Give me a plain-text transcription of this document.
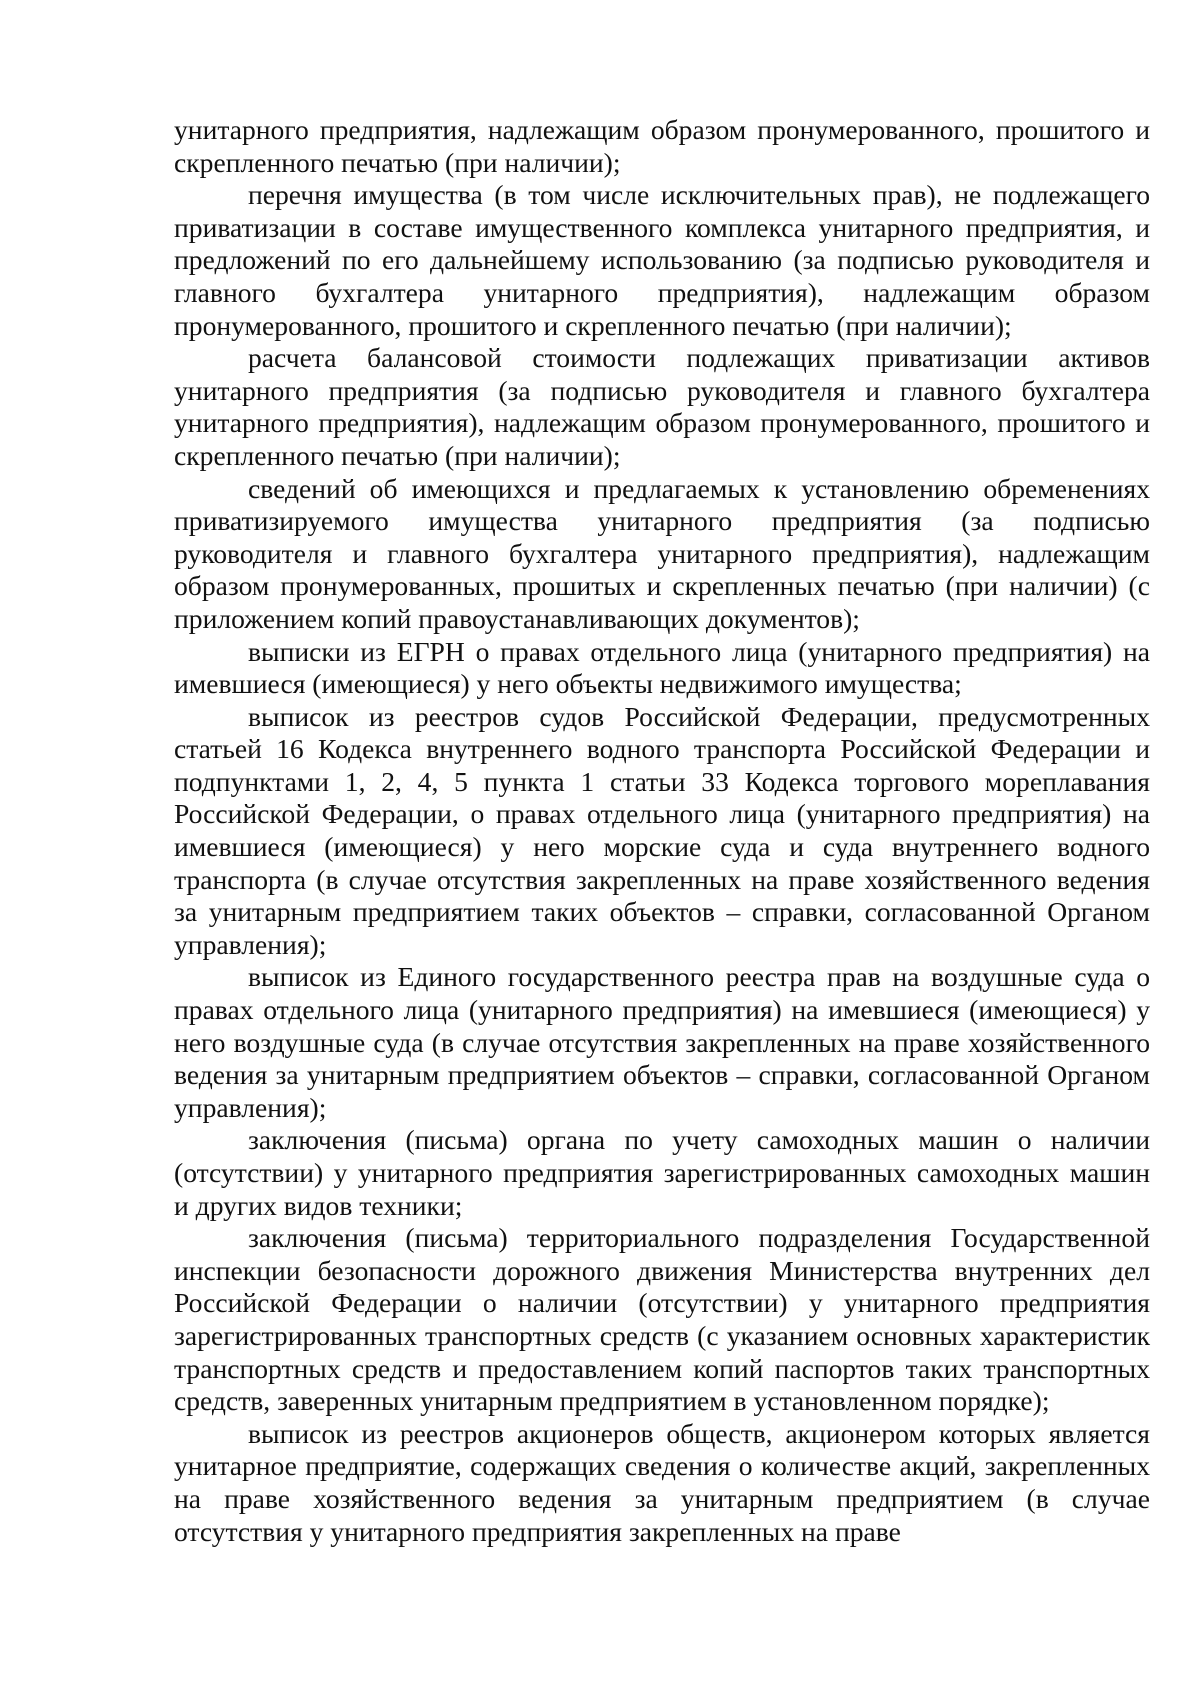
унитарного предприятия, надлежащим образом пронумерованного, прошитого и скрепленного печатью (при наличии);

перечня имущества (в том числе исключительных прав), не подлежащего приватизации в составе имущественного комплекса унитарного предприятия, и предложений по его дальнейшему использованию (за подписью руководителя и главного бухгалтера унитарного предприятия), надлежащим образом пронумерованного, прошитого и скрепленного печатью (при наличии);

расчета балансовой стоимости подлежащих приватизации активов унитарного предприятия (за подписью руководителя и главного бухгалтера унитарного предприятия), надлежащим образом пронумерованного, прошитого и скрепленного печатью (при наличии);

сведений об имеющихся и предлагаемых к установлению обременениях приватизируемого имущества унитарного предприятия (за подписью руководителя и главного бухгалтера унитарного предприятия), надлежащим образом пронумерованных, прошитых и скрепленных печатью (при наличии) (с приложением копий правоустанавливающих документов);

выписки из ЕГРН о правах отдельного лица (унитарного предприятия) на имевшиеся (имеющиеся) у него объекты недвижимого имущества;

выписок из реестров судов Российской Федерации, предусмотренных статьей 16 Кодекса внутреннего водного транспорта Российской Федерации и подпунктами 1, 2, 4, 5 пункта 1 статьи 33 Кодекса торгового мореплавания Российской Федерации, о правах отдельного лица (унитарного предприятия) на имевшиеся (имеющиеся) у него морские суда и суда внутреннего водного транспорта (в случае отсутствия закрепленных на праве хозяйственного ведения за унитарным предприятием таких объектов – справки, согласованной Органом управления);

выписок из Единого государственного реестра прав на воздушные суда о правах отдельного лица (унитарного предприятия) на имевшиеся (имеющиеся) у него воздушные суда (в случае отсутствия закрепленных на праве хозяйственного ведения за унитарным предприятием объектов – справки, согласованной Органом управления);

заключения (письма) органа по учету самоходных машин о наличии (отсутствии) у унитарного предприятия зарегистрированных самоходных машин и других видов техники;

заключения (письма) территориального подразделения Государственной инспекции безопасности дорожного движения Министерства внутренних дел Российской Федерации о наличии (отсутствии) у унитарного предприятия зарегистрированных транспортных средств (с указанием основных характеристик транспортных средств и предоставлением копий паспортов таких транспортных средств, заверенных унитарным предприятием в установленном порядке);

выписок из реестров акционеров обществ, акционером которых является унитарное предприятие, содержащих сведения о количестве акций, закрепленных на праве хозяйственного ведения за унитарным предприятием (в случае отсутствия у унитарного предприятия закрепленных на праве
